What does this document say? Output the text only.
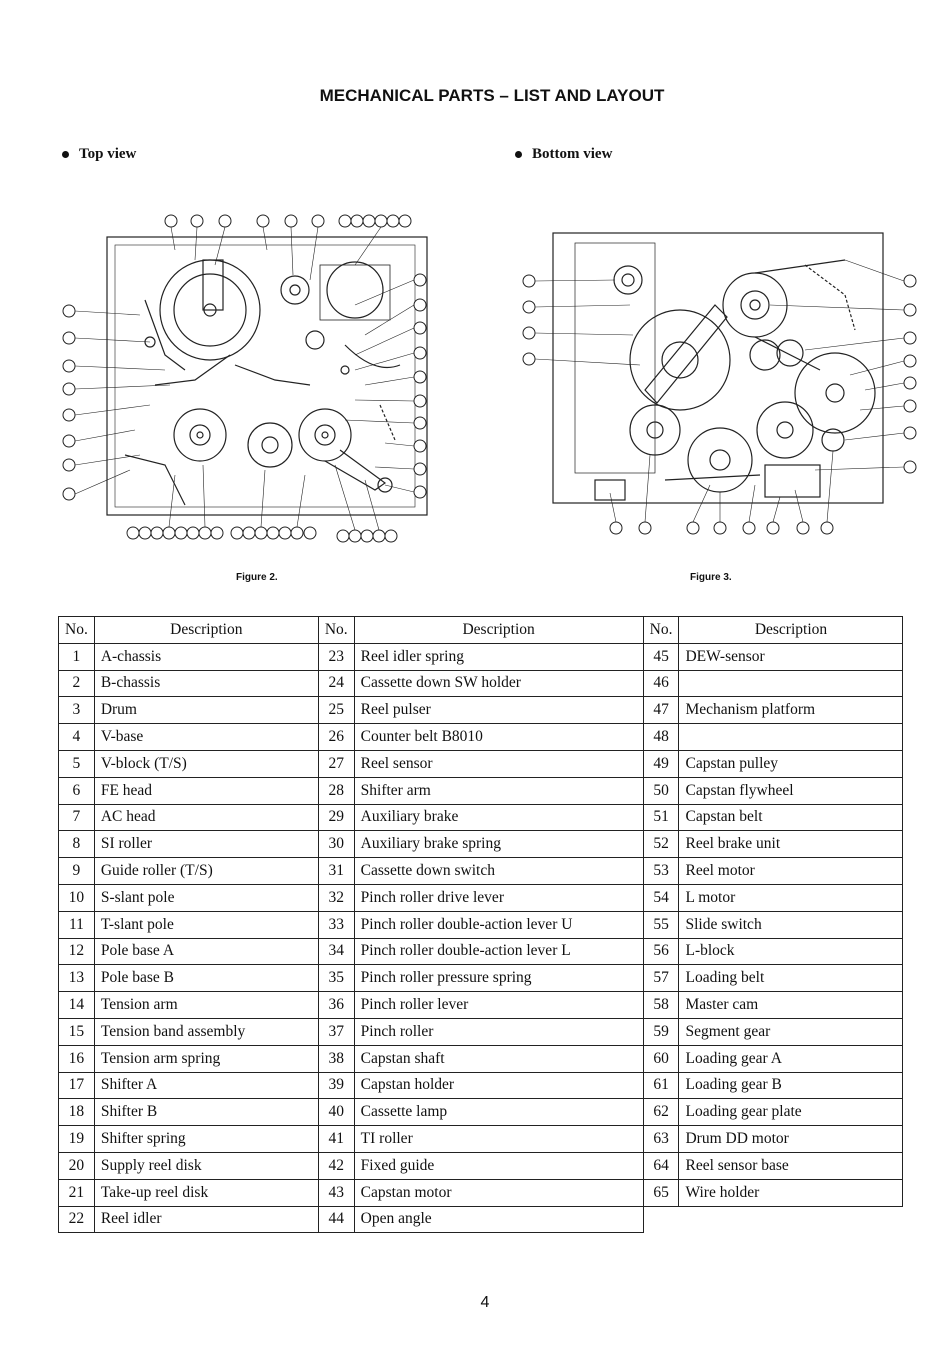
MECHANICAL PARTS – LIST AND LAYOUT
Top view	Bottom view
Figure 2.	Figure 3.
No.	Description	No.	Description	No.	Description
1	A-chassis	23	Reel idler spring	45	DEW-sensor
2	B-chassis	24	Cassette down SW holder	46	
3	Drum	25	Reel pulser	47	Mechanism platform
4	V-base	26	Counter belt B8010	48	
5	V-block (T/S)	27	Reel sensor	49	Capstan pulley
6	FE head	28	Shifter arm	50	Capstan flywheel
7	AC head	29	Auxiliary brake	51	Capstan belt
8	SI roller	30	Auxiliary brake spring	52	Reel brake unit
9	Guide roller (T/S)	31	Cassette down switch	53	Reel motor
10	S-slant pole	32	Pinch roller drive lever	54	L motor
11	T-slant pole	33	Pinch roller double-action lever U	55	Slide switch
12	Pole base A	34	Pinch roller double-action lever L	56	L-block
13	Pole base B	35	Pinch roller pressure spring	57	Loading belt
14	Tension arm	36	Pinch roller lever	58	Master cam
15	Tension band assembly	37	Pinch roller	59	Segment gear
16	Tension arm spring	38	Capstan shaft	60	Loading gear A
17	Shifter A	39	Capstan holder	61	Loading gear B
18	Shifter B	40	Cassette lamp	62	Loading gear plate
19	Shifter spring	41	TI roller	63	Drum DD motor
20	Supply reel disk	42	Fixed guide	64	Reel sensor base
21	Take-up reel disk	43	Capstan motor	65	Wire holder
22	Reel idler	44	Open angle		
4
